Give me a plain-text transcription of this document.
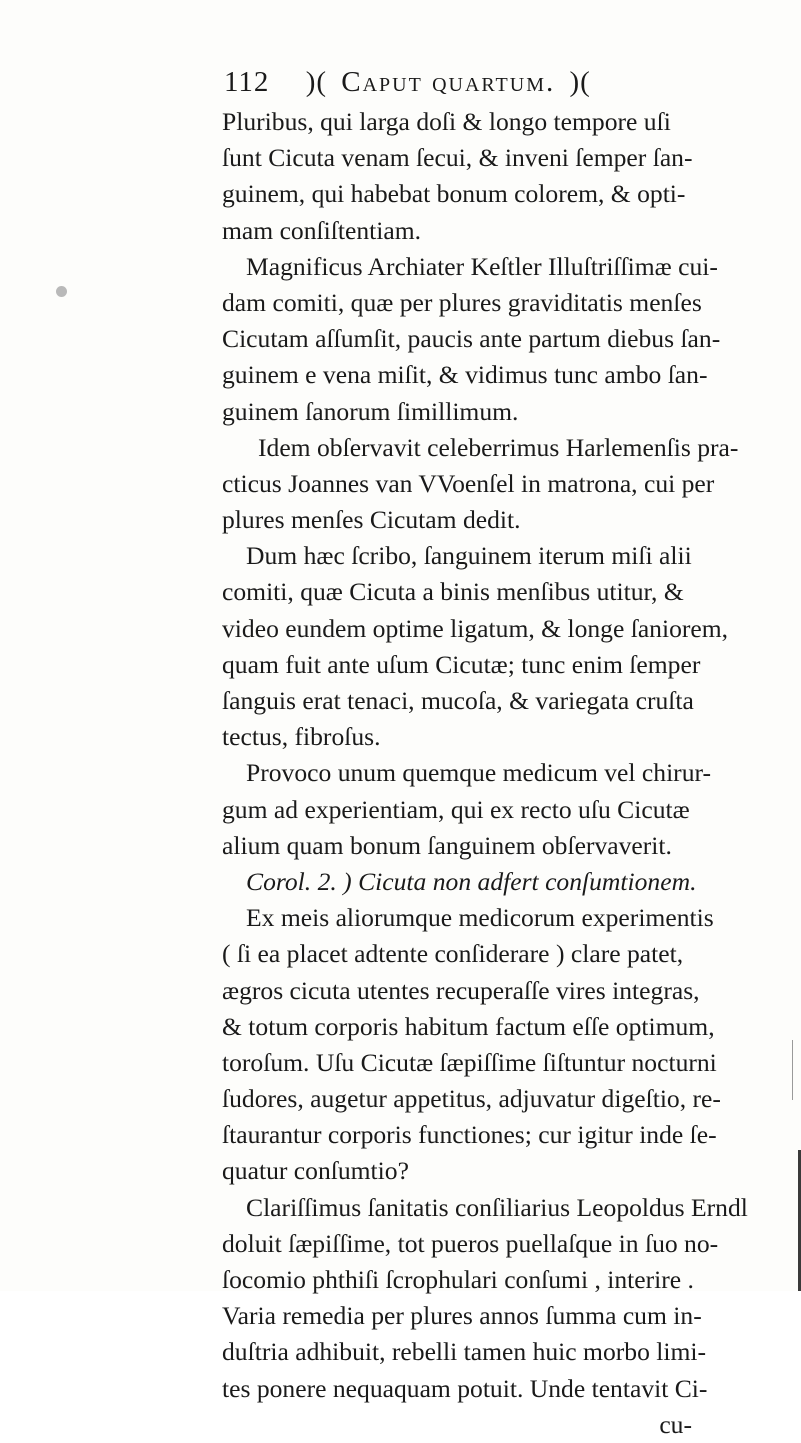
112 )( Caput quartum. )(
Pluribus, qui larga doſi & longo tempore uſi
ſunt Cicuta venam ſecui, & inveni ſemper ſan-
guinem, qui habebat bonum colorem, & opti-
mam conſiſtentiam.
Magnificus Archiater Keſtler Illuſtriſſimæ cui-
dam comiti, quæ per plures graviditatis menſes
Cicutam aſſumſit, paucis ante partum diebus ſan-
guinem e vena miſit, & vidimus tunc ambo ſan-
guinem ſanorum ſimillimum.
Idem obſervavit celeberrimus Harlemenſis pra-
cticus Joannes van VVoenſel in matrona, cui per
plures menſes Cicutam dedit.
Dum hæc ſcribo, ſanguinem iterum miſi alii
comiti, quæ Cicuta a binis menſibus utitur, &
video eundem optime ligatum, & longe ſaniorem,
quam fuit ante uſum Cicutæ; tunc enim ſemper
ſanguis erat tenaci, mucoſa, & variegata cruſta
tectus, fibroſus.
Provoco unum quemque medicum vel chirur-
gum ad experientiam, qui ex recto uſu Cicutæ
alium quam bonum ſanguinem obſervaverit.
Corol. 2. ) Cicuta non adfert conſumtionem.
Ex meis aliorumque medicorum experimentis
( ſi ea placet adtente conſiderare ) clare patet,
ægros cicuta utentes recuperaſſe vires integras,
& totum corporis habitum factum eſſe optimum,
toroſum. Uſu Cicutæ ſæpiſſime ſiſtuntur nocturni
ſudores, augetur appetitus, adjuvatur digeſtio, re-
ſtaurantur corporis functiones; cur igitur inde ſe-
quatur conſumtio?
Clariſſimus ſanitatis conſiliarius Leopoldus Erndl
doluit ſæpiſſime, tot pueros puellaſque in ſuo no-
ſocomio phthiſi ſcrophulari conſumi , interire .
Varia remedia per plures annos ſumma cum in-
duſtria adhibuit, rebelli tamen huic morbo limi-
tes ponere nequaquam potuit. Unde tentavit Ci-
cu-
